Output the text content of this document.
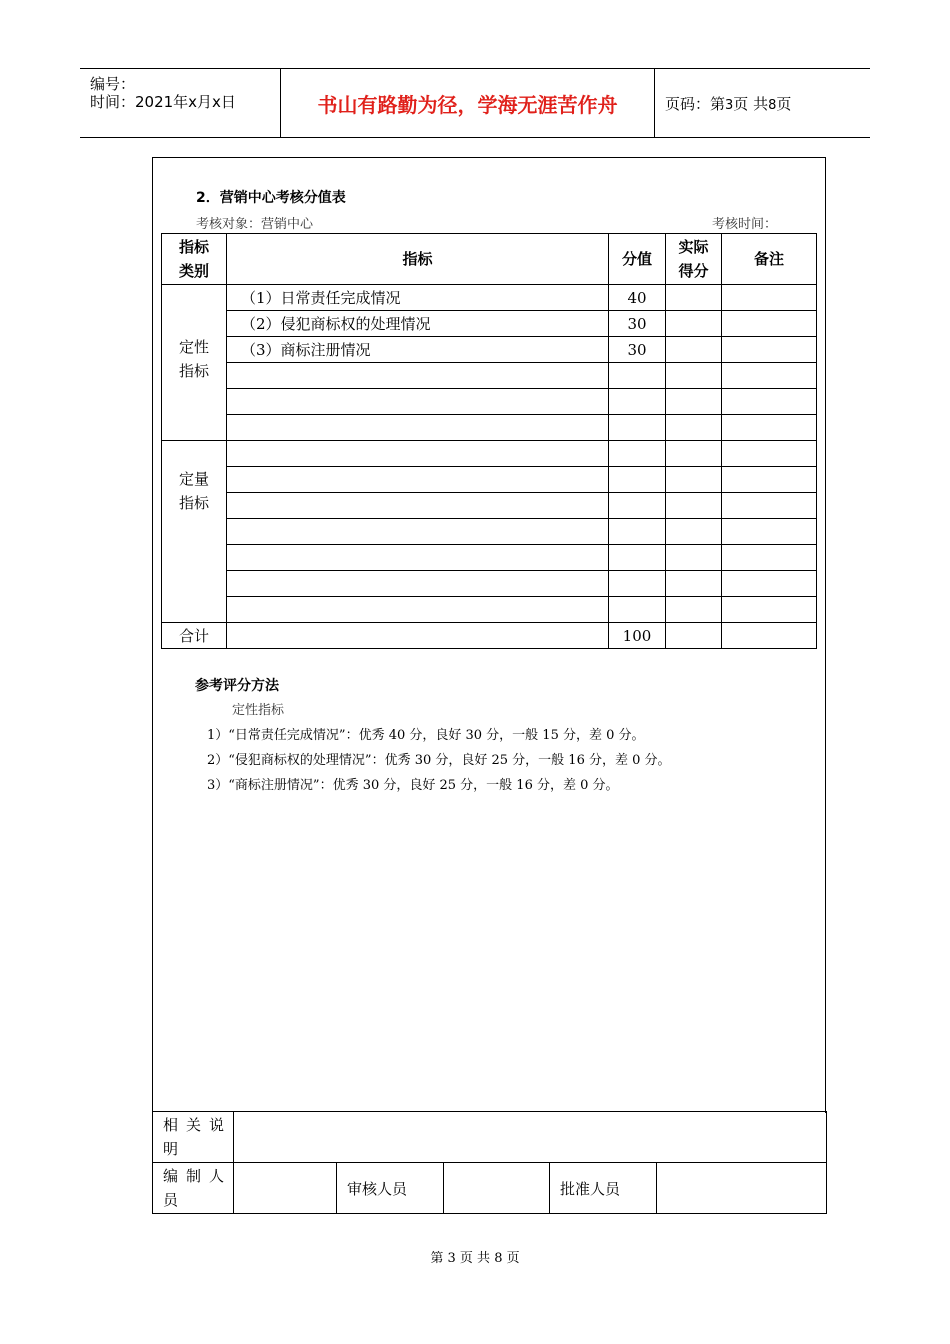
编号：
时间：2021年x月x日	书山有路勤为径，学海无涯苦作舟	页码：第3页 共8页
2．营销中心考核分值表
考核对象：营销中心	考核时间：
指标类别	指标	分值	实际得分	备注
定性指标	（1）日常责任完成情况	40		
	（2）侵犯商标权的处理情况	30		
	（3）商标注册情况	30		

定量指标				

合计		100		
参考评分方法
定性指标
1）“日常责任完成情况”：优秀 40 分，良好 30 分，一般 15 分，差 0 分。
2）“侵犯商标权的处理情况”：优秀 30 分，良好 25 分，一般 16 分，差 0 分。
3）“商标注册情况”：优秀 30 分，良好 25 分，一般 16 分，差 0 分。
相关说明					
编制人员		审核人员		批准人员	
第 3 页 共 8 页
